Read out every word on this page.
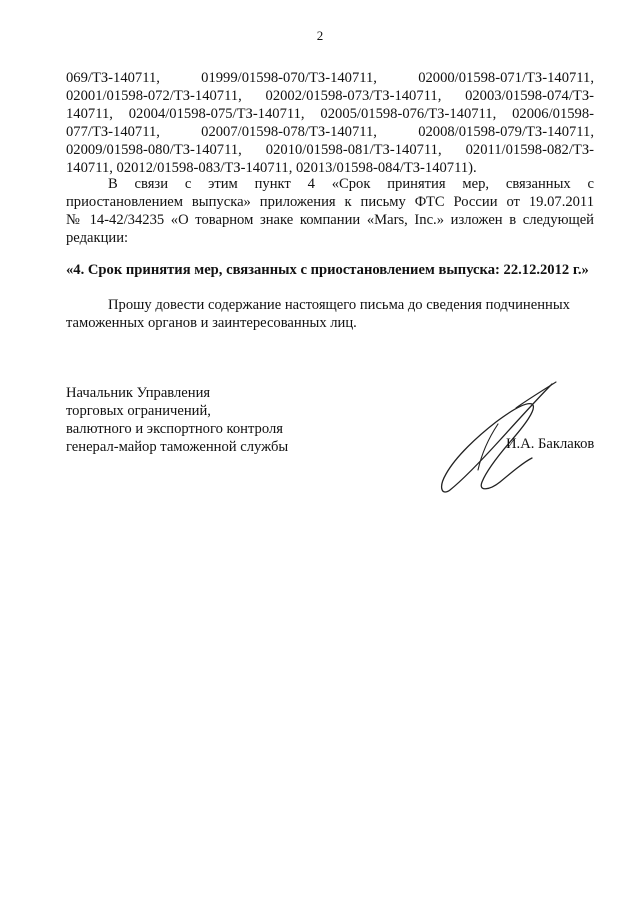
2
069/ТЗ-140711, 01999/01598-070/ТЗ-140711, 02000/01598-071/ТЗ-140711,
02001/01598-072/ТЗ-140711, 02002/01598-073/ТЗ-140711, 02003/01598-074/ТЗ-
140711, 02004/01598-075/ТЗ-140711, 02005/01598-076/ТЗ-140711, 02006/01598-
077/ТЗ-140711, 02007/01598-078/ТЗ-140711, 02008/01598-079/ТЗ-140711,
02009/01598-080/ТЗ-140711, 02010/01598-081/ТЗ-140711, 02011/01598-082/ТЗ-
140711, 02012/01598-083/ТЗ-140711, 02013/01598-084/ТЗ-140711).
В связи с этим пункт 4 «Срок принятия мер, связанных с
приостановлением выпуска» приложения к письму ФТС России от 19.07.2011
№ 14-42/34235 «О товарном знаке компании «Mars, Inc.» изложен в следующей
редакции:
«4. Срок принятия мер, связанных с приостановлением выпуска: 22.12.2012 г.»
Прошу довести содержание настоящего письма до сведения подчиненных
таможенных органов и заинтересованных лиц.
Начальник Управления
торговых ограничений,
валютного и экспортного контроля
генерал-майор таможенной службы	И.А. Баклаков
